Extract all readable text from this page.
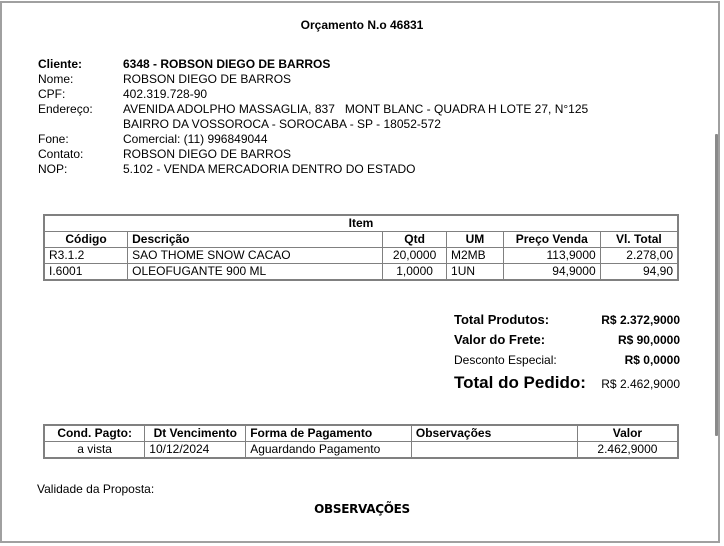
Orçamento N.o 46831
Cliente:	6348 - ROBSON DIEGO DE BARROS
Nome:	ROBSON DIEGO DE BARROS
CPF:	402.319.728-90
Endereço:	AVENIDA ADOLPHO MASSAGLIA, 837   MONT BLANC - QUADRA H LOTE 27, N°125
BAIRRO DA VOSSOROCA - SOROCABA - SP - 18052-572
Fone:	Comercial: (11) 996849044
Contato:	ROBSON DIEGO DE BARROS
NOP:	5.102 - VENDA MERCADORIA DENTRO DO ESTADO
Item					
Código	Descrição	Qtd	UM	Preço Venda	Vl. Total
R3.1.2	SAO THOME SNOW CACAO	20,0000	M2MB	113,9000	2.278,00
I.6001	OLEOFUGANTE 900 ML	1,0000	1UN	94,9000	94,90
Total Produtos:	R$ 2.372,9000
Valor do Frete:	R$ 90,0000
Desconto Especial:	R$ 0,0000
Total do Pedido: R$ 2.462,9000
Cond. Pagto:	Dt Vencimento	Forma de Pagamento	Observações	Valor
a vista	10/12/2024	Aguardando Pagamento		2.462,9000
Validade da Proposta:
OBSERVAÇÕES
